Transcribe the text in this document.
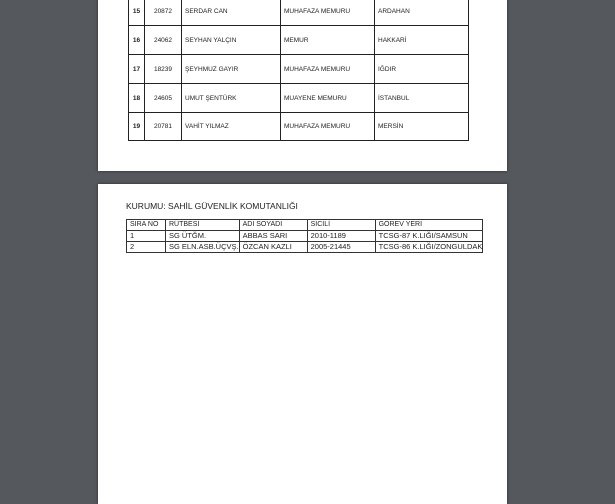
15	20872	SERDAR CAN	MUHAFAZA MEMURU	ARDAHAN
16	24062	SEYHAN YALÇIN	MEMUR	HAKKARİ
17	18239	ŞEYHMUZ GAYIR	MUHAFAZA MEMURU	IĞDIR
18	24605	UMUT ŞENTÜRK	MUAYENE MEMURU	İSTANBUL
19	20781	VAHİT YILMAZ	MUHAFAZA MEMURU	MERSİN
KURUMU: SAHİL GÜVENLİK KOMUTANLIĞI
SIRA NO	RÜTBESİ	ADI SOYADI	SİCİLİ	GÖREV YERİ
1	SG ÜTĞM.	ABBAS SARI	2010-1189	TCSG-87 K.LIĞI/SAMSUN
2	SG ELN.ASB.ÜÇVŞ.	ÖZCAN KAZLI	2005-21445	TCSG-86 K.LIĞI/ZONGULDAK
